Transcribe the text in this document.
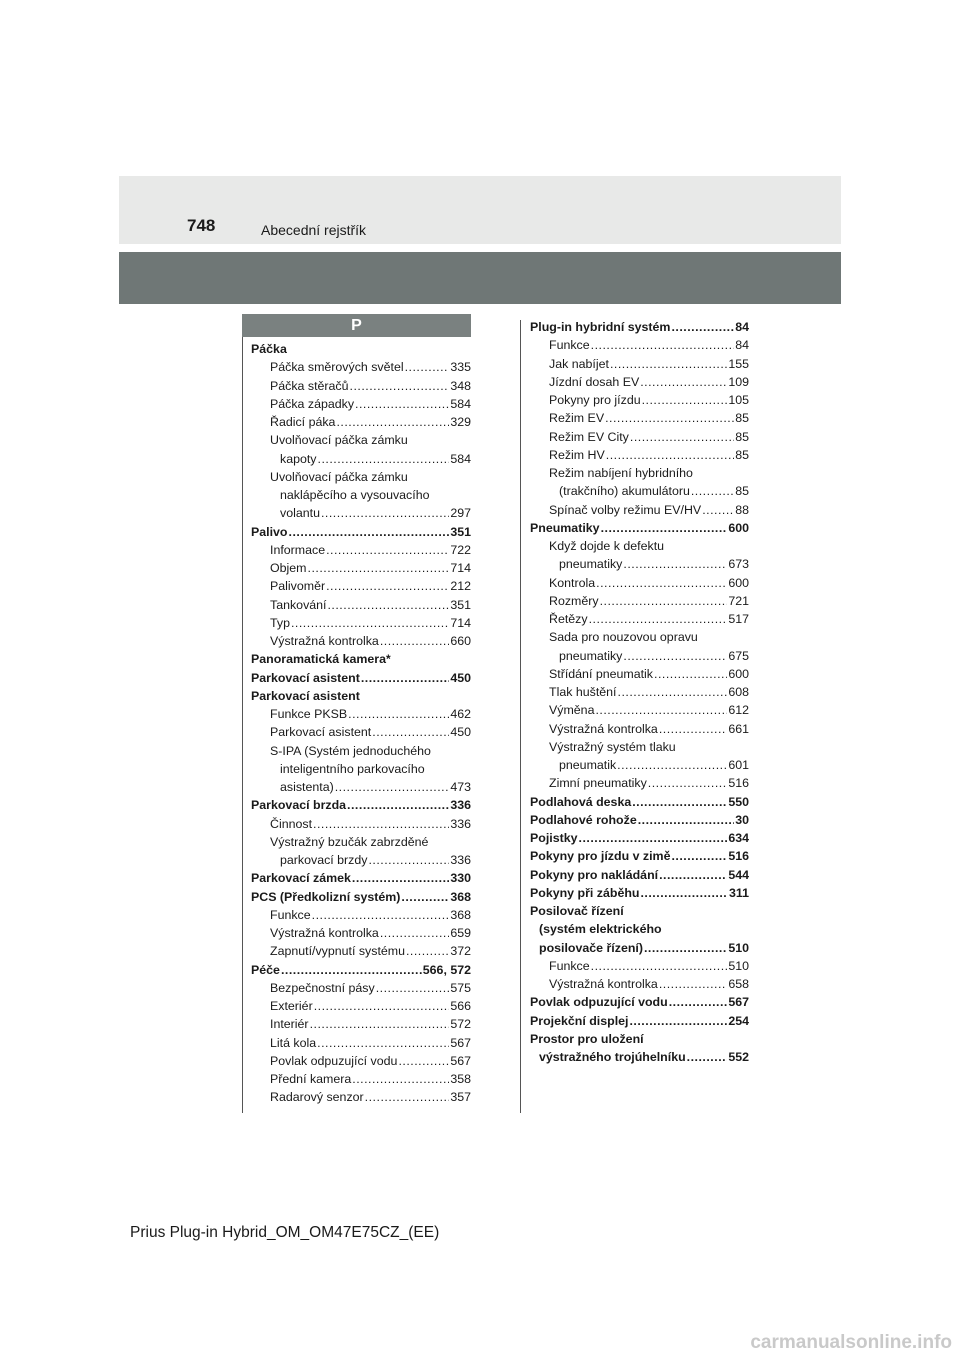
748	Abecední rejstřík
P
Páčka
Páčka směrových světel .....	335
Páčka stěračů .....	348
Páčka západky .....	584
Řadicí páka .....	329
Uvolňovací páčka zámku
kapoty .....	584
Uvolňovací páčka zámku
naklápěcího a vysouvacího
volantu .....	297
Palivo .....	351
Informace .....	722
Objem .....	714
Palivoměr .....	212
Tankování .....	351
Typ .....	714
Výstražná kontrolka .....	660
Panoramatická kamera *
Parkovací asistent .....	450
Parkovací asistent
Funkce PKSB .....	462
Parkovací asistent .....	450
S-IPA (Systém jednoduchého
inteligentního parkovacího
asistenta) .....	473
Parkovací brzda .....	336
Činnost .....	336
Výstražný bzučák zabrzděné
parkovací brzdy .....	336
Parkovací zámek .....	330
PCS (Předkolizní systém) .....	368
Funkce .....	368
Výstražná kontrolka .....	659
Zapnutí/vypnutí systému .....	372
Péče .....	566, 572
Bezpečnostní pásy .....	575
Exteriér .....	566
Interiér .....	572
Litá kola .....	567
Povlak odpuzující vodu .....	567
Přední kamera .....	358
Radarový senzor .....	357
Plug-in hybridní systém .....	84
Funkce .....	84
Jak nabíjet .....	155
Jízdní dosah EV .....	109
Pokyny pro jízdu .....	105
Režim EV .....	85
Režim EV City .....	85
Režim HV .....	85
Režim nabíjení hybridního
(trakčního) akumulátoru .....	85
Spínač volby režimu EV/HV .....	88
Pneumatiky .....	600
Když dojde k defektu
pneumatiky .....	673
Kontrola .....	600
Rozměry .....	721
Řetězy .....	517
Sada pro nouzovou opravu
pneumatiky .....	675
Střídání pneumatik .....	600
Tlak huštění .....	608
Výměna .....	612
Výstražná kontrolka .....	661
Výstražný systém tlaku
pneumatik .....	601
Zimní pneumatiky .....	516
Podlahová deska .....	550
Podlahové rohože .....	30
Pojistky .....	634
Pokyny pro jízdu v zimě .....	516
Pokyny pro nakládání .....	544
Pokyny při záběhu .....	311
Posilovač řízení
(systém elektrického
posilovače řízení) .....	510
Funkce .....	510
Výstražná kontrolka .....	658
Povlak odpuzující vodu .....	567
Projekční displej .....	254
Prostor pro uložení
výstražného trojúhelníku .....	552
Prius Plug-in Hybrid_OM_OM47E75CZ_(EE)
carmanualsonline.info
